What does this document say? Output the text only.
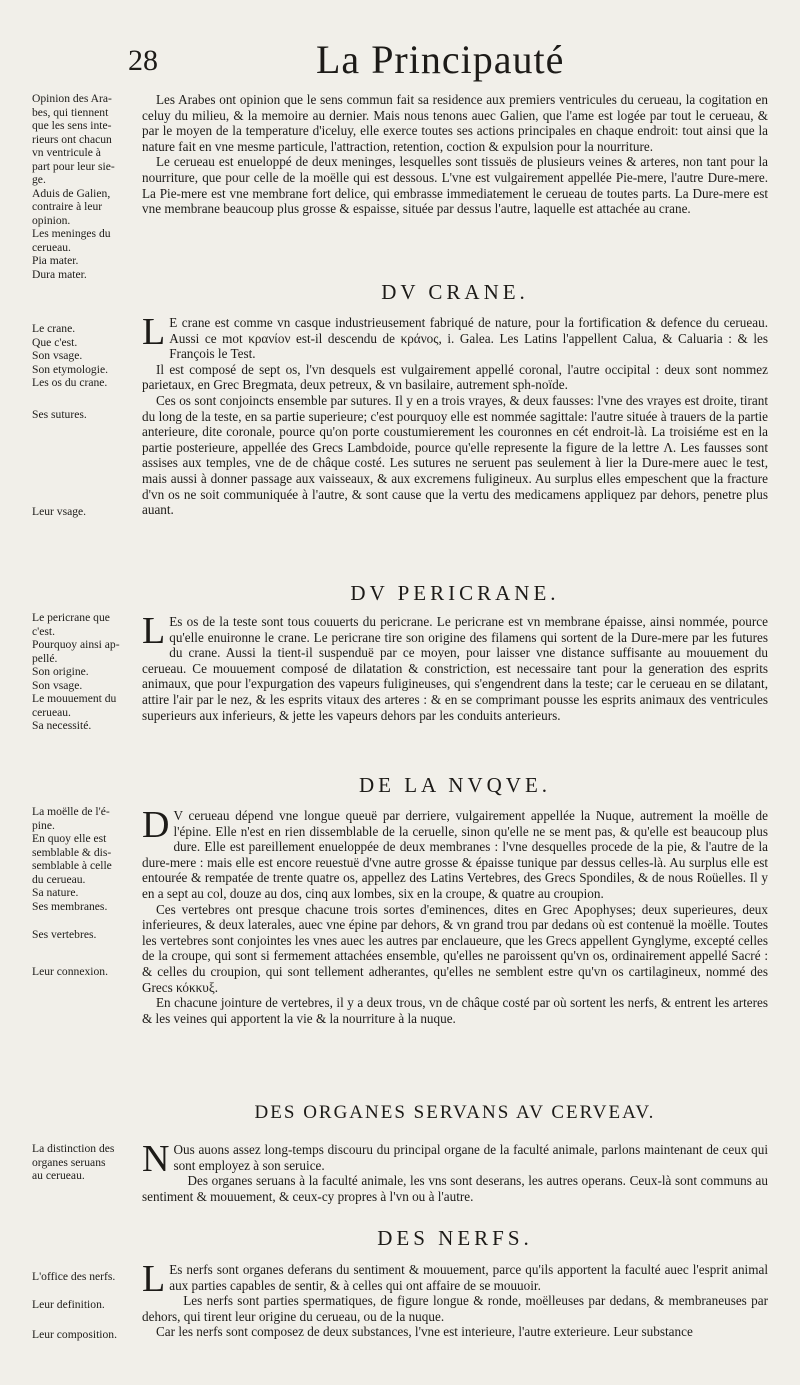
28	La Principauté
Opinion des Ara-
bes, qui tiennent
que les sens inte-
rieurs ont chacun
vn ventricule à
part pour leur sie-
ge.
Aduis de Galien,
contraire à leur
opinion.
Les meninges du
cerueau.
Pia mater.
Dura mater.
Le crane.
Que c'est.
Son vsage.
Son etymologie.
Les os du crane.
Ses sutures.
Leur vsage.
Le pericrane que
c'est.
Pourquoy ainsi ap-
pellé.
Son origine.
Son vsage.
Le mouuement du
cerueau.
Sa necessité.
La moëlle de l'é-
pine.
En quoy elle est
semblable & dis-
semblable à celle
du cerueau.
Sa nature.
Ses membranes.
Ses vertebres.
Leur connexion.
La distinction des
organes seruans
au cerueau.
L'office des nerfs.
Leur definition.
Leur composition.

Les Arabes ont opinion que le sens commun fait sa residence aux premiers ventricules du cerueau, la cogitation en celuy du milieu, & la memoire au dernier. Mais nous tenons auec Galien, que l'ame est logée par tout le cerueau, & par le moyen de la temperature d'iceluy, elle exerce toutes ses actions principales en chaque endroit: tout ainsi que la nature fait en vne mesme particule, l'attraction, retention, coction & expulsion pour la nourriture.

Le cerueau est enueloppé de deux meninges, lesquelles sont tissuës de plusieurs veines & arteres, non tant pour la nourriture, que pour celle de la moëlle qui est dessous. L'vne est vulgairement appellée Pie-mere, l'autre Dure-mere. La Pie-mere est vne membrane fort delice, qui embrasse immediatement le cerueau de toutes parts. La Dure-mere est vne membrane beaucoup plus grosse & espaisse, située par dessus l'autre, laquelle est attachée au crane.

DV CRANE.

L E crane est comme vn casque industrieusement fabriqué de nature, pour la fortification & defence du cerueau. Aussi ce mot κρανίον est-il descendu de κράνος, i. Galea. Les Latins l'appellent Calua, & Caluaria : & les François le Test.

Il est composé de sept os, l'vn desquels est vulgairement appellé coronal, l'autre occipital : deux sont nommez parietaux, en Grec Bregmata, deux petreux, & vn basilaire, autrement sph-noïde.

Ces os sont conjoincts ensemble par sutures. Il y en a trois vrayes, & deux fausses: l'vne des vrayes est droite, tirant du long de la teste, en sa partie superieure; c'est pourquoy elle est nommée sagittale: l'autre située à trauers de la partie anterieure, dite coronale, pource qu'on porte coustumierement les couronnes en cét endroit-là. La troisiéme est en la partie posterieure, appellée des Grecs Lambdoide, pource qu'elle represente la figure de la lettre Λ. Les fausses sont assises aux temples, vne de de châque costé. Les sutures ne seruent pas seulement à lier la Dure-mere auec le test, mais aussi à donner passage aux vaisseaux, & aux excremens fuligineux. Au surplus elles empeschent que la fracture d'vn os ne soit communiquée à l'autre, & sont cause que la vertu des medicamens appliquez par dehors, penetre plus auant.

DV PERICRANE.

L Es os de la teste sont tous couuerts du pericrane. Le pericrane est vn membrane épaisse, ainsi nommée, pource qu'elle enuironne le crane. Le pericrane tire son origine des filamens qui sortent de la Dure-mere par les futures du crane. Aussi la tient-il suspenduë par ce moyen, pour laisser vne distance suffisante au mouuement du cerueau. Ce mouuement composé de dilatation & constriction, est necessaire tant pour la generation des esprits animaux, que pour l'expurgation des vapeurs fuligineuses, qui s'engendrent dans la teste; car le cerueau en se dilatant, attire l'air par le nez, & les esprits vitaux des arteres : & en se comprimant pousse les esprits animaux des ventricules superieurs aux inferieurs, & jette les vapeurs dehors par les conduits anterieurs.

DE LA NVQVE.

D V cerueau dépend vne longue queuë par derriere, vulgairement appellée la Nuque, autrement la moëlle de l'épine. Elle n'est en rien dissemblable de la ceruelle, sinon qu'elle ne se ment pas, & qu'elle est beaucoup plus dure. Elle est pareillement enueloppée de deux membranes : l'vne desquelles procede de la pie, & l'autre de la dure-mere : mais elle est encore reuestuë d'vne autre grosse & épaisse tunique par dessus celles-là. Au surplus elle est entourée & rempatée de trente quatre os, appellez des Latins Vertebres, des Grecs Spondiles, & de nous Roüelles. Il y en a sept au col, douze au dos, cinq aux lombes, six en la croupe, & quatre au croupion.

Ces vertebres ont presque chacune trois sortes d'eminences, dites en Grec Apophyses; deux superieures, deux inferieures, & deux laterales, auec vne épine par dehors, & vn grand trou par dedans où est contenuë la moëlle. Toutes les vertebres sont conjointes les vnes auec les autres par enclaueure, que les Grecs appellent Gynglyme, excepté celles de la croupe, qui sont si fermement attachées ensemble, qu'elles ne paroissent qu'vn os, ordinairement appellé Sacré : & celles du croupion, qui sont tellement adherantes, qu'elles ne semblent estre qu'vn os cartilagineux, nommé des Grecs κόκκυξ.

En chacune jointure de vertebres, il y a deux trous, vn de châque costé par où sortent les nerfs, & entrent les arteres & les veines qui apportent la vie & la nourriture à la nuque.

DES ORGANES SERVANS AV CERVEAV.

N Ous auons assez long-temps discouru du principal organe de la faculté animale, parlons maintenant de ceux qui sont employez à son seruice.

Des organes seruans à la faculté animale, les vns sont deserans, les autres operans. Ceux-là sont communs au sentiment & mouuement, & ceux-cy propres à l'vn ou à l'autre.

DES NERFS.

L Es nerfs sont organes deferans du sentiment & mouuement, parce qu'ils apportent la faculté auec l'esprit animal aux parties capables de sentir, & à celles qui ont affaire de se mouuoir.

Les nerfs sont parties spermatiques, de figure longue & ronde, moëlleuses par dedans, & membraneuses par dehors, qui tirent leur origine du cerueau, ou de la nuque.

Car les nerfs sont composez de deux substances, l'vne est interieure, l'autre exterieure. Leur substance
